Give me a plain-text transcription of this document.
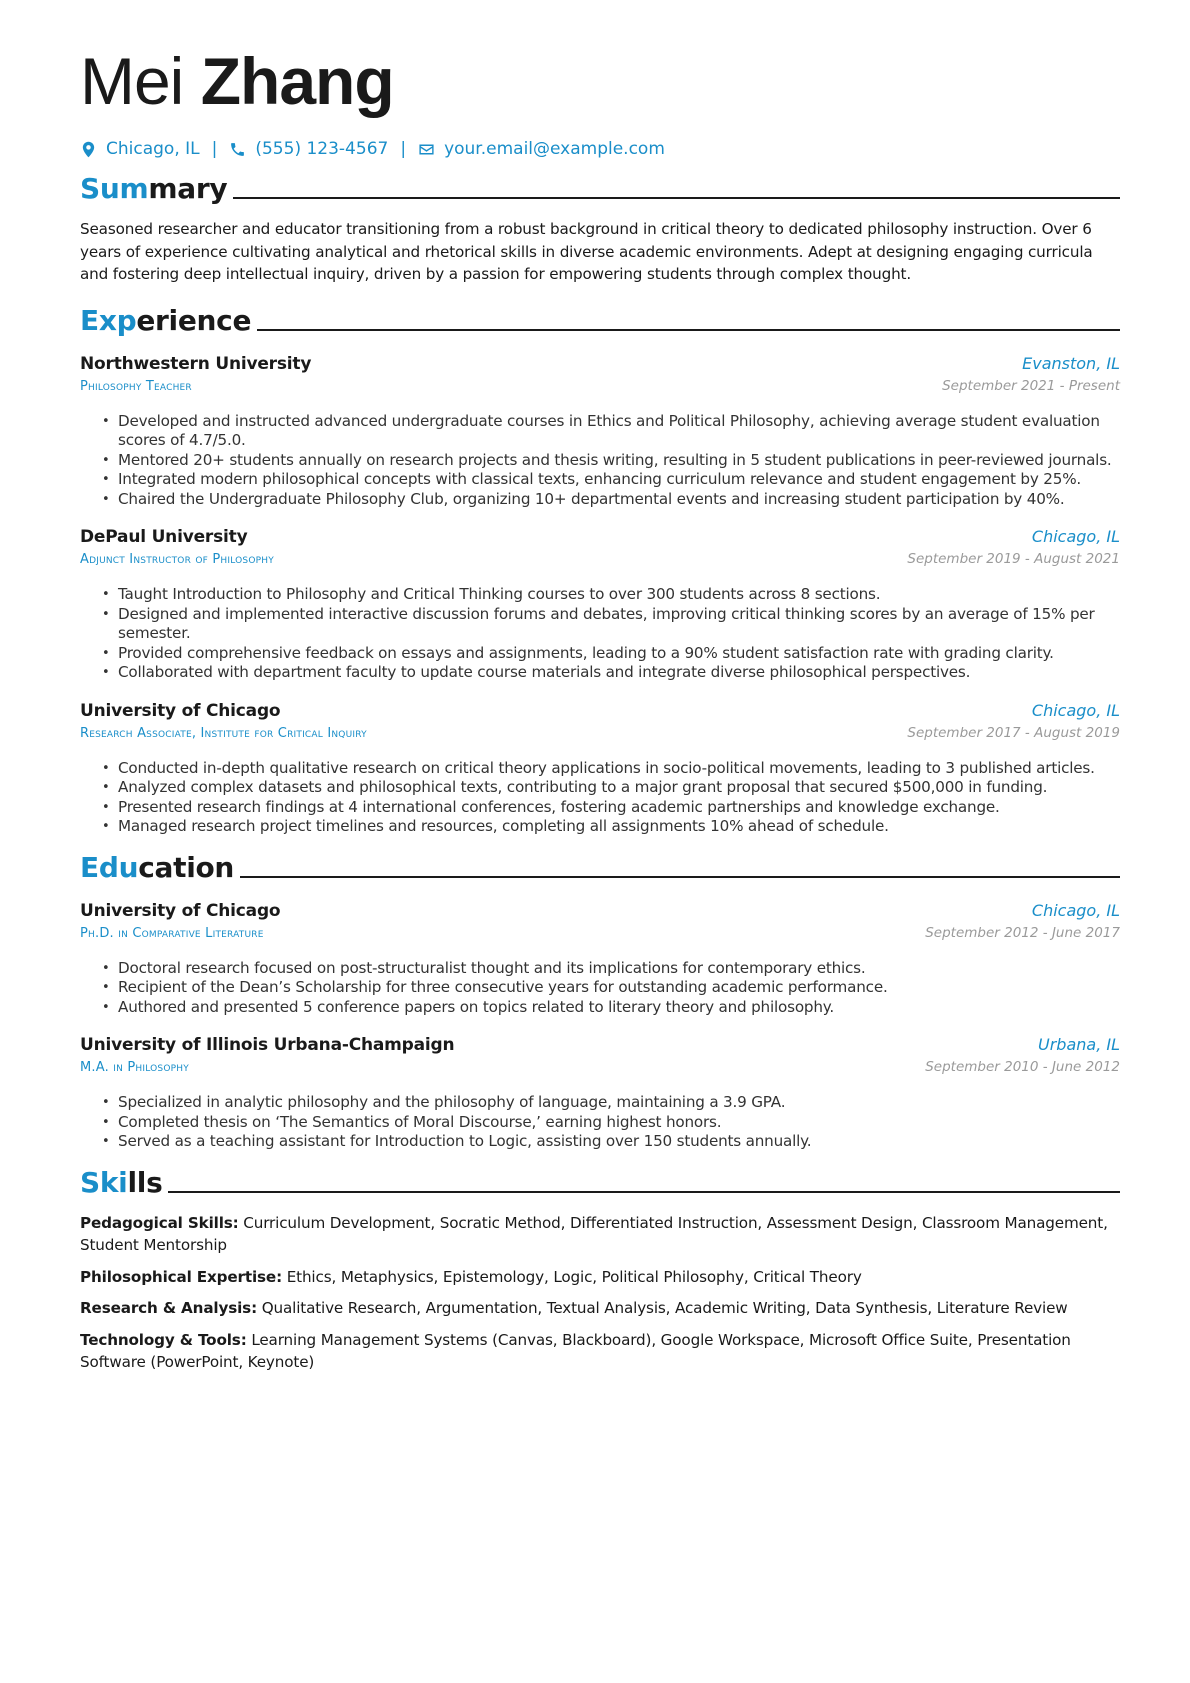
Mei Zhang
Chicago, IL | (555) 123-4567 | your.email@example.com
Summary

Seasoned researcher and educator transitioning from a robust background in critical theory to dedicated philosophy instruction. Over 6 years of experience cultivating analytical and rhetorical skills in diverse academic environments. Adept at designing engaging curricula and fostering deep intellectual inquiry, driven by a passion for empowering students through complex thought.

Experience
Northwestern University	Evanston, IL
Philosophy Teacher	September 2021 - Present
• Developed and instructed advanced undergraduate courses in Ethics and Political Philosophy, achieving average student evaluation scores of 4.7/5.0.
• Mentored 20+ students annually on research projects and thesis writing, resulting in 5 student publications in peer-reviewed journals.
• Integrated modern philosophical concepts with classical texts, enhancing curriculum relevance and student engagement by 25%.
• Chaired the Undergraduate Philosophy Club, organizing 10+ departmental events and increasing student participation by 40%.
DePaul University	Chicago, IL
Adjunct Instructor of Philosophy	September 2019 - August 2021
• Taught Introduction to Philosophy and Critical Thinking courses to over 300 students across 8 sections.
• Designed and implemented interactive discussion forums and debates, improving critical thinking scores by an average of 15% per semester.
• Provided comprehensive feedback on essays and assignments, leading to a 90% student satisfaction rate with grading clarity.
• Collaborated with department faculty to update course materials and integrate diverse philosophical perspectives.
University of Chicago	Chicago, IL
Research Associate, Institute for Critical Inquiry	September 2017 - August 2019
• Conducted in-depth qualitative research on critical theory applications in socio-political movements, leading to 3 published articles.
• Analyzed complex datasets and philosophical texts, contributing to a major grant proposal that secured $500,000 in funding.
• Presented research findings at 4 international conferences, fostering academic partnerships and knowledge exchange.
• Managed research project timelines and resources, completing all assignments 10% ahead of schedule.
Education
University of Chicago	Chicago, IL
Ph.D. in Comparative Literature	September 2012 - June 2017
• Doctoral research focused on post-structuralist thought and its implications for contemporary ethics.
• Recipient of the Dean’s Scholarship for three consecutive years for outstanding academic performance.
• Authored and presented 5 conference papers on topics related to literary theory and philosophy.
University of Illinois Urbana-Champaign	Urbana, IL
M.A. in Philosophy	September 2010 - June 2012
• Specialized in analytic philosophy and the philosophy of language, maintaining a 3.9 GPA.
• Completed thesis on ‘The Semantics of Moral Discourse,’ earning highest honors.
• Served as a teaching assistant for Introduction to Logic, assisting over 150 students annually.
Skills

Pedagogical Skills: Curriculum Development, Socratic Method, Differentiated Instruction, Assessment Design, Classroom Management, Student Mentorship

Philosophical Expertise: Ethics, Metaphysics, Epistemology, Logic, Political Philosophy, Critical Theory

Research & Analysis: Qualitative Research, Argumentation, Textual Analysis, Academic Writing, Data Synthesis, Literature Review

Technology & Tools: Learning Management Systems (Canvas, Blackboard), Google Workspace, Microsoft Office Suite, Presentation Software (PowerPoint, Keynote)
